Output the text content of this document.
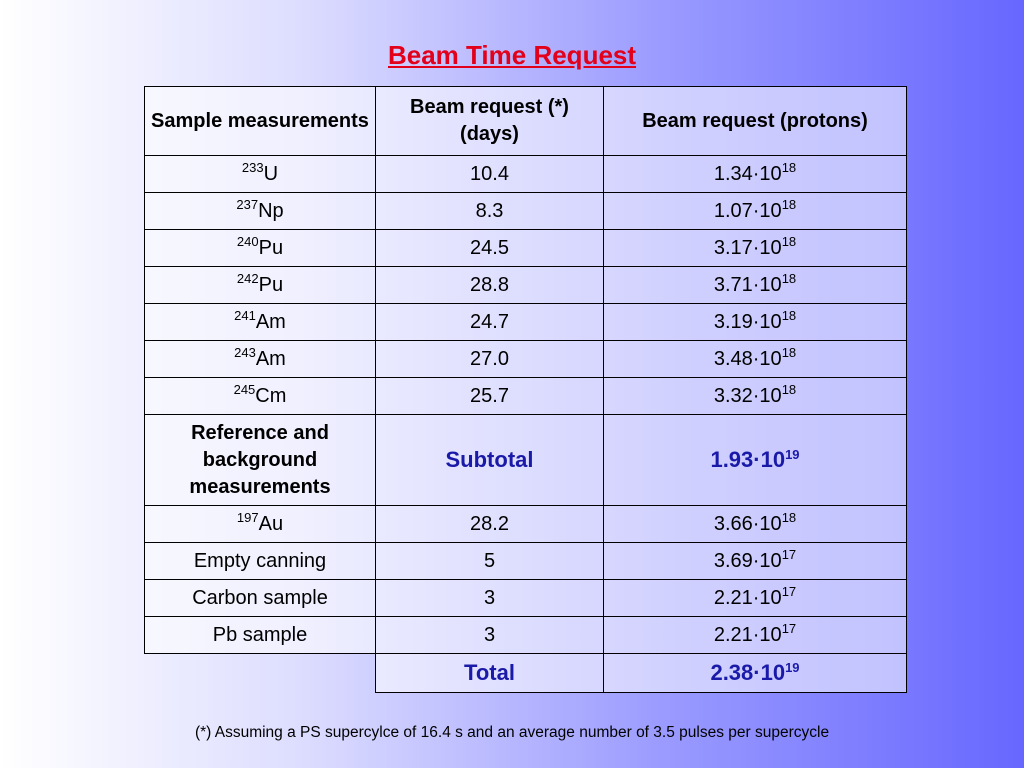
Beam Time Request
Sample measurements	Beam request (*) (days)	Beam request (protons)
$^{233}$U	10.4	$1.34\cdot 10^{18}$
$^{237}$Np	8.3	$1.07\cdot 10^{18}$
$^{240}$Pu	24.5	$3.17\cdot 10^{18}$
$^{242}$Pu	28.8	$3.71\cdot 10^{18}$
$^{241}$Am	24.7	$3.19\cdot 10^{18}$
$^{243}$Am	27.0	$3.48\cdot 10^{18}$
$^{245}$Cm	25.7	$3.32\cdot 10^{18}$
Reference and background measurements	Subtotal	$1.93\cdot 10^{19}$
$^{197}$Au	28.2	$3.66\cdot 10^{18}$
Empty canning	5	$3.69\cdot 10^{17}$
Carbon sample	3	$2.21\cdot 10^{17}$
Pb sample	3	$2.21\cdot 10^{17}$
	Total	$2.38\cdot 10^{19}$
(*) Assuming a PS supercylce of 16.4 s and an average number of 3.5 pulses per supercycle
